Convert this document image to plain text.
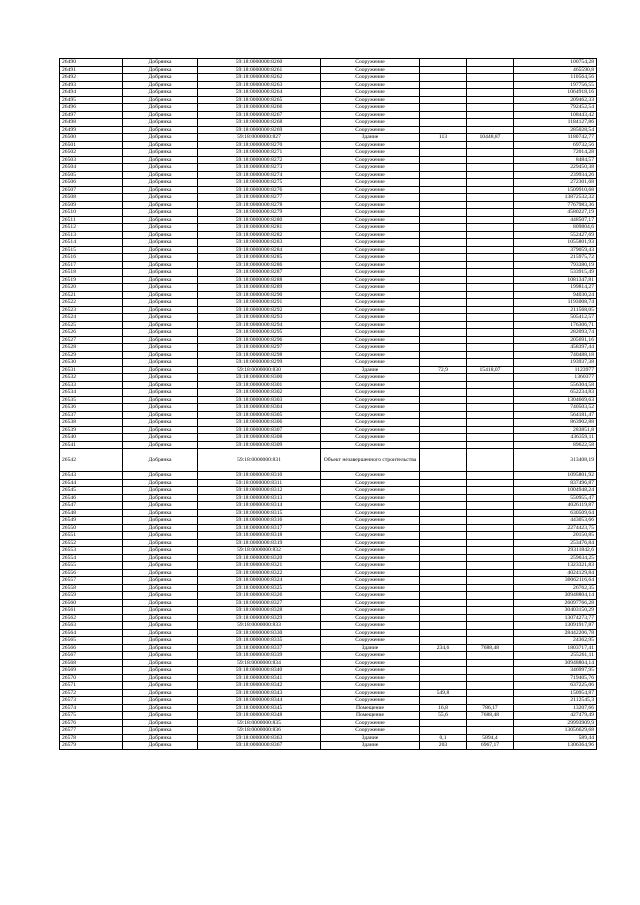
26490	Добрянка	59:18:0000000:8260	Сооружение			100754,28
26491	Добрянка	59:18:0000000:8261	Сооружение			465590,8
26492	Добрянка	59:18:0000000:8262	Сооружение			110564,56
26493	Добрянка	59:18:0000000:8263	Сооружение			197756,55
26494	Добрянка	59:18:0000000:8264	Сооружение			1064918,16
26495	Добрянка	59:18:0000000:8265	Сооружение			209462,33
26496	Добрянка	59:18:0000000:8266	Сооружение			792452,54
26497	Добрянка	59:18:0000000:8267	Сооружение			108443,42
26498	Добрянка	59:18:0000000:8268	Сооружение			1184127,86
26499	Добрянка	59:18:0000000:8269	Сооружение			285028,54
26500	Добрянка	59:18:0000000:827	Здание	113	10448,87	1180742,77
26501	Добрянка	59:18:0000000:8270	Сооружение			69732,56
26502	Добрянка	59:18:0000000:8271	Сооружение			72014,28
26503	Добрянка	59:18:0000000:8272	Сооружение			8484,57
26504	Добрянка	59:18:0000000:8273	Сооружение			229450,38
26505	Добрянка	59:18:0000000:8274	Сооружение			239934,26
26506	Добрянка	59:18:0000000:8275	Сооружение			272301,68
26507	Добрянка	59:18:0000000:8276	Сооружение			1509910,68
26508	Добрянка	59:18:0000000:8277	Сооружение			13872532,32
26509	Добрянка	59:18:0000000:8278	Сооружение			7767983,36
26510	Добрянка	59:18:0000000:8279	Сооружение			4580227,19
26511	Добрянка	59:18:0000000:8280	Сооружение			448507,17
26512	Добрянка	59:18:0000000:8281	Сооружение			809804,6
26513	Добрянка	59:18:0000000:8282	Сооружение			552427,69
26514	Добрянка	59:18:0000000:8283	Сооружение			1055801,93
26515	Добрянка	59:18:0000000:8284	Сооружение			379059,43
26516	Добрянка	59:18:0000000:8285	Сооружение			215975,72
26517	Добрянка	59:18:0000000:8286	Сооружение			793380,19
26518	Добрянка	59:18:0000000:8287	Сооружение			533915,49
26519	Добрянка	59:18:0000000:8288	Сооружение			1081347,81
26520	Добрянка	59:18:0000000:8289	Сооружение			199814,27
26521	Добрянка	59:18:0000000:8290	Сооружение			94030,24
26522	Добрянка	59:18:0000000:8291	Сооружение			1193008,74
26523	Добрянка	59:18:0000000:8292	Сооружение			211568,05
26524	Добрянка	59:18:0000000:8293	Сооружение			505412,57
26525	Добрянка	59:18:0000000:8294	Сооружение			176306,71
26526	Добрянка	59:18:0000000:8295	Сооружение			282093,74
26527	Добрянка	59:18:0000000:8296	Сооружение			205691,16
26528	Добрянка	59:18:0000000:8297	Сооружение			458397,44
26529	Добрянка	59:18:0000000:8298	Сооружение			740488,18
26530	Добрянка	59:18:0000000:8299	Сооружение			193937,38
26531	Добрянка	59:18:0000000:830	Здание	72,9	15418,07	1123977
26532	Добрянка	59:18:0000000:8300	Сооружение			1360377
26533	Добрянка	59:18:0000000:8301	Сооружение			556304,58
26534	Добрянка	59:18:0000000:8302	Сооружение			652234,83
26535	Добрянка	59:18:0000000:8303	Сооружение			1304669,63
26536	Добрянка	59:18:0000000:8304	Сооружение			740503,52
26537	Добрянка	59:18:0000000:8305	Сооружение			564181,47
26538	Добрянка	59:18:0000000:8306	Сооружение			863902,88
26539	Добрянка	59:18:0000000:8307	Сооружение			283851,8
26540	Добрянка	59:18:0000000:8308	Сооружение			436359,11
26541	Добрянка	59:18:0000000:8309	Сооружение			89622,58
26542	Добрянка	59:18:0000000:831	Объект незавершенного строительства			313408,19
26543	Добрянка	59:18:0000000:8310	Сооружение			1095801,92
26544	Добрянка	59:18:0000000:8311	Сооружение			837496,87
26545	Добрянка	59:18:0000000:8312	Сооружение			1004948,24
26546	Добрянка	59:18:0000000:8313	Сооружение			550955,47
26547	Добрянка	59:18:0000000:8314	Сооружение			4026119,87
26548	Добрянка	59:18:0000000:8315	Сооружение			630509,64
26549	Добрянка	59:18:0000000:8316	Сооружение			443053,66
26550	Добрянка	59:18:0000000:8317	Сооружение			2274423,75
26551	Добрянка	59:18:0000000:8318	Сооружение			20150,85
26552	Добрянка	59:18:0000000:8319	Сооружение			253476,84
26553	Добрянка	59:18:0000000:832	Сооружение			29311842,6
26554	Добрянка	59:18:0000000:8320	Сооружение			259634,25
26555	Добрянка	59:18:0000000:8321	Сооружение			1323321,83
26556	Добрянка	59:18:0000000:8322	Сооружение			4024129,84
26557	Добрянка	59:18:0000000:8324	Сооружение			30062116,64
26558	Добрянка	59:18:0000000:8325	Сооружение			26762,35
26559	Добрянка	59:18:0000000:8326	Сооружение			30948804,14
26560	Добрянка	59:18:0000000:8327	Сооружение			26097766,28
26561	Добрянка	59:18:0000000:8328	Сооружение			30403150,29
26562	Добрянка	59:18:0000000:8329	Сооружение			13074273,77
26563	Добрянка	59:18:0000000:833	Сооружение			13091917,87
26564	Добрянка	59:18:0000000:8330	Сооружение			28442206,78
26565	Добрянка	59:18:0000000:8335	Сооружение			24362,95
26566	Добрянка	59:18:0000000:8337	Здание	234,6	7688,48	1803717,41
26567	Добрянка	59:18:0000000:8339	Сооружение			255261,11
26568	Добрянка	59:18:0000000:834	Сооружение			30948804,14
26569	Добрянка	59:18:0000000:8340	Сооружение			346997,95
26570	Добрянка	59:18:0000000:8341	Сооружение			719405,76
26571	Добрянка	59:18:0000000:8342	Сооружение			637225,06
26572	Добрянка	59:18:0000000:8343	Сооружение	549,8		150954,87
26573	Добрянка	59:18:0000000:8344	Сооружение			2112545,3
26574	Добрянка	59:18:0000000:8345	Помещение	16,8	786,17	13207,66
26575	Добрянка	59:18:0000000:8348	Помещение	55,6	7688,48	427479,49
26576	Добрянка	59:18:0000000:835	Сооружение			29993909,9
26577	Добрянка	59:18:0000000:836	Сооружение			13056629,68
26578	Добрянка	59:18:0000000:8363	Здание	0,1	5894,4	589,44
26579	Добрянка	59:18:0000000:8367	Здание	203	6967,17	1306364,96
